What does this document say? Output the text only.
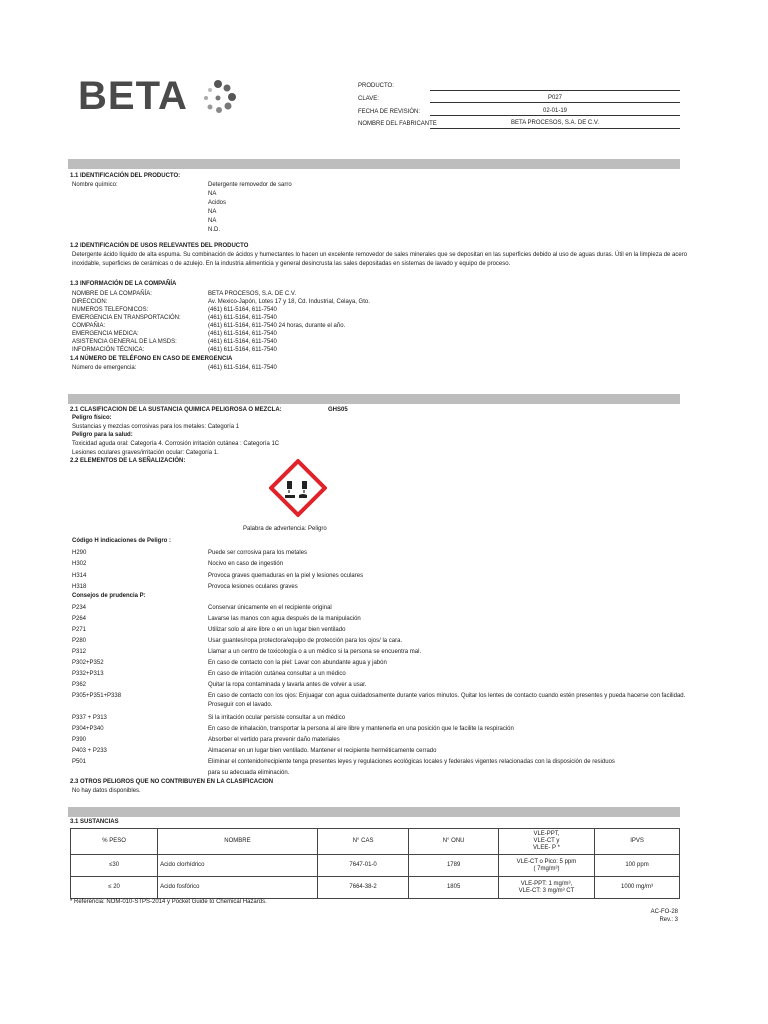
BETA	PRODUCTO:
CLAVE:	P027
FECHA DE REVISIÓN:	02-01-19
NOMBRE DEL FABRICANTE	BETA PROCESOS, S.A. DE C.V.
1.1 IDENTIFICACIÓN DEL PRODUCTO:
Nombre químico:	Detergente removedor de sarro
NA
Acidos
NA
NA
N.D.
1.2 IDENTIFICACIÓN DE USOS RELEVANTES DEL PRODUCTO
Detergente ácido líquido de alta espuma. Su combinación de ácidos y humectantes lo hacen un excelente removedor de sales minerales que se depositan en las superficies debido al uso de aguas duras. Útil en la limpieza de acero
inoxidable, superficies de cerámicas o de azulejo. En la industria alimenticia y general desincrusta las sales depositadas en sistemas de lavado y equipo de proceso.
1.3 INFORMACIÓN DE LA COMPAÑÍA
NOMBRE DE LA COMPAÑÍA:	BETA PROCESOS, S.A. DE C.V.
DIRECCION:	Av. Mexico-Japón, Lotes 17 y 18, Cd. Industrial, Celaya, Gto.
NUMEROS TELEFONICOS:	(461) 611-5164, 611-7540
EMERGENCIA EN TRANSPORTACIÓN:	(461) 611-5164, 611-7540
COMPAÑIA:	(461) 611-5164, 611-7540 24 horas, durante el año.
EMERGENCIA MEDICA:	(461) 611-5164, 611-7540
ASISTENCIA GENERAL DE LA MSDS:	(461) 611-5164, 611-7540
INFORMACIÓN TÉCNICA:	(461) 611-5164, 611-7540
1.4 NÚMERO DE TELÉFONO EN CASO DE EMERGENCIA
Número de emergencia:	(461) 611-5164, 611-7540
2.1 CLASIFICACION DE LA SUSTANCIA QUIMICA PELIGROSA O MEZCLA:	GHS05
Peligro físico:
Sustancias y mezclas corrosivas para los metales: Categoría 1
Peligro para la salud:
Toxicidad aguda oral: Categoría 4. Corrosión irritación cutánea : Categoría 1C
Lesiones oculares graves/irritación ocular: Categoría 1.
2.2 ELEMENTOS DE LA SEÑALIZACIÓN:
Palabra de advertencia: Peligro
Código H indicaciones de Peligro :
H290	Puede ser corrosiva para los metales
H302	Nocivo en caso de ingestión
H314	Provoca graves quemaduras en la piel y lesiones oculares
H318	Provoca lesiones oculares graves
Consejos de prudencia P:
P234	Conservar únicamente en el recipiente original
P264	Lavarse las manos con agua después de la manipulación
P271	Utilizar solo al aire libre o en un lugar bien ventilado
P280	Usar guantes/ropa protectora/equipo de protección para los ojos/ la cara.
P312	Llamar a un centro de toxicología o a un médico si la persona se encuentra mal.
P302+P352	En caso de contacto con la piel: Lavar con abundante agua y jabón
P332+P313	En caso de irritación cutánea consultar a un médico
P362	Quitar la ropa contaminada y lavarla antes de volver a usar.
P305+P351+P338	En caso de contacto con los ojos: Enjuagar con agua cuidadosamente durante varios minutos. Quitar los lentes de contacto cuando estén presentes y pueda hacerse con facilidad.
Proseguir con el lavado.
P337 + P313	Si la irritación ocular persiste consultar a un médico
P304+P340	En caso de inhalación, transportar la persona al aire libre y mantenerla en una posición que le facilite la respiración
P390	Absorber el vertido para prevenir daño materiales
P403 + P233	Almacenar en un lugar bien ventilado. Mantener el recipiente herméticamente cerrado
P501	Eliminar el contenido/recipiente tenga presentes leyes y regulaciones ecológicas locales y federales vigentes relacionadas con la disposición de residuos
para su adecuada eliminación.
2.3 OTROS PELIGROS QUE NO CONTRIBUYEN EN LA CLASIFICACION
No hay datos disponibles.
3.1 SUSTANCIAS
% PESO	NOMBRE	N° CAS	N° ONU	VLE-PPT,
VLE-CT y
VLEE- P *	IPVS
≤30	Acido clorhídrico	7647-01-0	1789	VLE-CT o Pico: 5 ppm
( 7mg/m³)	100 ppm
≤ 20	Acido fosfórico	7664-38-2	1805	VLE-PPT: 1 mg/m³,
VLE-CT: 3 mg/m³ CT	1000 mg/m³
* Referencia: NOM-010-STPS-2014 y Pocket Guide to Chemical Hazards.
AC-FO-28
Rev.: 3
